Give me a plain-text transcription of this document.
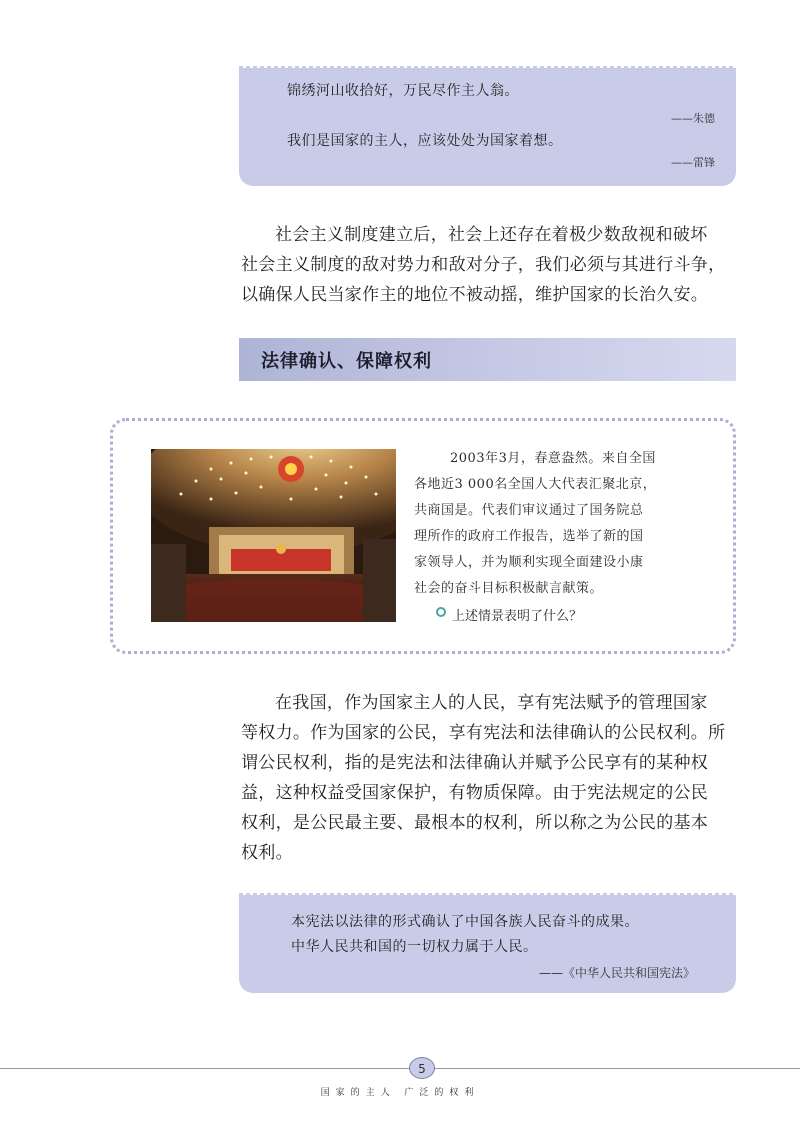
锦绣河山收拾好，万民尽作主人翁。
——朱德
我们是国家的主人，应该处处为国家着想。
——雷锋
社会主义制度建立后，社会上还存在着极少数敌视和破坏
社会主义制度的敌对势力和敌对分子，我们必须与其进行斗争，
以确保人民当家作主的地位不被动摇，维护国家的长治久安。
法律确认、保障权利
2003年3月，春意盎然。来自全国
各地近3 000名全国人大代表汇聚北京，
共商国是。代表们审议通过了国务院总
理所作的政府工作报告，选举了新的国
家领导人，并为顺利实现全面建设小康
社会的奋斗目标积极献言献策。
上述情景表明了什么？
在我国，作为国家主人的人民，享有宪法赋予的管理国家
等权力。作为国家的公民，享有宪法和法律确认的公民权利。所
谓公民权利，指的是宪法和法律确认并赋予公民享有的某种权
益，这种权益受国家保护，有物质保障。由于宪法规定的公民
权利，是公民最主要、最根本的权利，所以称之为公民的基本
权利。
本宪法以法律的形式确认了中国各族人民奋斗的成果。
中华人民共和国的一切权力属于人民。
——《中华人民共和国宪法》
5
国家的主人 广泛的权利
